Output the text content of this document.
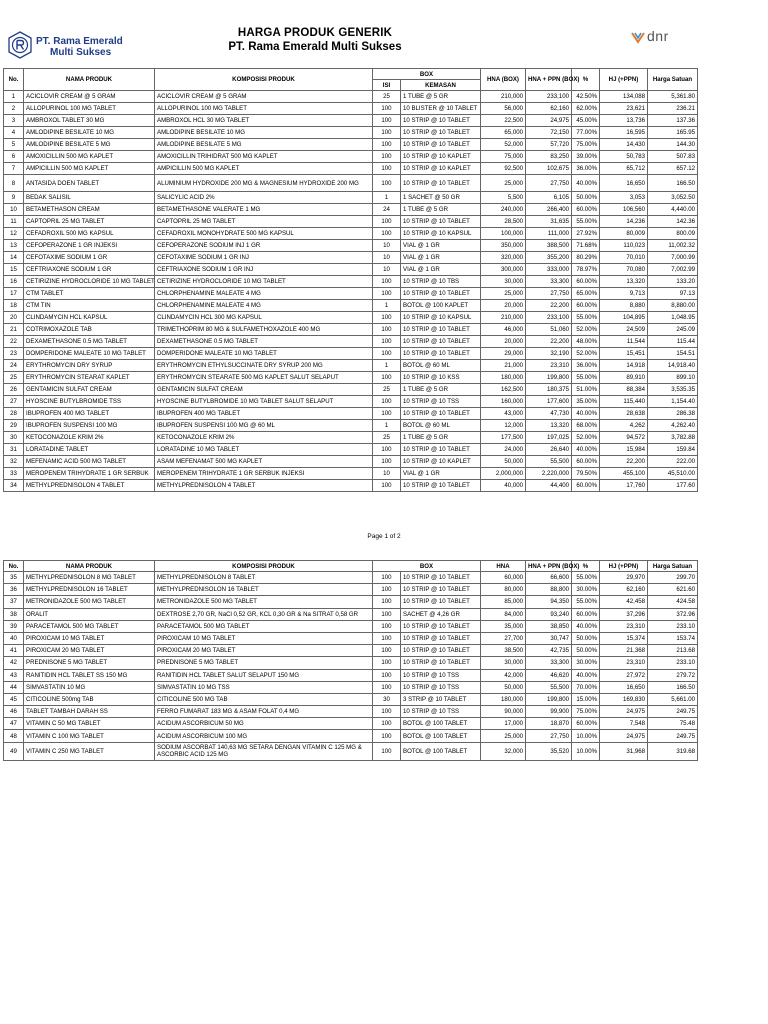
PT. Rama Emerald
Multi Sukses
HARGA PRODUK GENERIK
PT. Rama Emerald Multi Sukses
dnr
No.	NAMA PRODUK	KOMPOSISI PRODUK	BOX		HNA (BOX)	HNA + PPN (BOX)	%	HJ (+PPN)	Harga Satuan
			ISI	KEMASAN					
1	ACICLOVIR CREAM @ 5 GRAM	ACICLOVIR CREAM @ 5 GRAM	25	1 TUBE @ 5 GR	210,000	233,100	42.50%	134,088	5,361.80
2	ALLOPURINOL 100 MG TABLET	ALLOPURINOL 100 MG TABLET	100	10 BLISTER @ 10 TABLET	56,000	62,160	62.00%	23,621	236.21
3	AMBROXOL TABLET 30 MG	AMBROXOL HCL 30 MG TABLET	100	10 STRIP @ 10 TABLET	22,500	24,975	45.00%	13,736	137.36
4	AMLODIPINE BESILATE 10 MG	AMLODIPINE BESILATE 10 MG	100	10 STRIP @ 10 TABLET	65,000	72,150	77.00%	16,595	165.95
5	AMLODIPINE BESILATE 5 MG	AMLODIPINE BESILATE 5 MG	100	10 STRIP @ 10 TABLET	52,000	57,720	75.00%	14,430	144.30
6	AMOXICILLIN 500 MG KAPLET	AMOXICILLIN TRIHIDRAT 500 MG KAPLET	100	10 STRIP @ 10 KAPLET	75,000	83,250	39.00%	50,783	507.83
7	AMPICILLIN 500 MG KAPLET	AMPICILLIN 500 MG KAPLET	100	10 STRIP @ 10 KAPLET	92,500	102,675	36.00%	65,712	657.12
8	ANTASIDA DOEN TABLET	ALUMINIUM HYDROXIDE 200 MG & MAGNESIUM HYDROXIDE 200 MG	100	10 STRIP @ 10 TABLET	25,000	27,750	40.00%	16,650	166.50
9	BEDAK SALISIL	SALICYLIC ACID 2%	1	1 SACHET @ 50 GR	5,500	6,105	50.00%	3,053	3,052.50
10	BETAMETHASON CREAM	BETAMETHASONE VALERATE 1 MG	24	1 TUBE @ 5 GR	240,000	266,400	60.00%	106,560	4,440.00
11	CAPTOPRIL 25 MG TABLET	CAPTOPRIL 25 MG TABLET	100	10 STRIP @ 10 TABLET	28,500	31,635	55.00%	14,236	142.36
12	CEFADROXIL 500 MG KAPSUL	CEFADROXIL MONOHYDRATE 500 MG KAPSUL	100	10 STRIP @ 10 KAPSUL	100,000	111,000	27.92%	80,009	800.09
13	CEFOPERAZONE 1 GR INJEKSI	CEFOPERAZONE SODIUM INJ 1 GR	10	VIAL @ 1 GR	350,000	388,500	71.68%	110,023	11,002.32
14	CEFOTAXIME SODIUM 1 GR	CEFOTAXIME SODIUM 1 GR INJ	10	VIAL @ 1 GR	320,000	355,200	80.29%	70,010	7,000.99
15	CEFTRIAXONE SODIUM 1 GR	CEFTRIAXONE SODIUM 1 GR INJ	10	VIAL @ 1 GR	300,000	333,000	78.97%	70,080	7,002.99
16	CETIRIZINE HYDROCLORIDE 10 MG TABLET	CETIRIZINE HYDROCLORIDE 10 MG TABLET	100	10 STRIP @ 10 TBS	30,000	33,300	60.00%	13,320	133.20
17	CTM TABLET	CHLORPHENAMINE MALEATE 4 MG	100	10 STRIP @ 10 TABLET	25,000	27,750	65.00%	9,713	97.13
18	CTM TIN	CHLORPHENAMINE MALEATE 4 MG	1	BOTOL @ 100 KAPLET	20,000	22,200	60.00%	8,880	8,880.00
20	CLINDAMYCIN HCL KAPSUL	CLINDAMYCIN HCL 300 MG KAPSUL	100	10 STRIP @ 10 KAPSUL	210,000	233,100	55.00%	104,895	1,048.95
21	COTRIMOXAZOLE TAB	TRIMETHOPRIM 80 MG & SULFAMETHOXAZOLE 400 MG	100	10 STRIP @ 10 TABLET	46,000	51,060	52.00%	24,509	245.09
22	DEXAMETHASONE 0.5 MG TABLET	DEXAMETHASONE 0.5 MG TABLET	100	10 STRIP @ 10 TABLET	20,000	22,200	48.00%	11,544	115.44
23	DOMPERIDONE MALEATE 10 MG TABLET	DOMPERIDONE MALEATE 10 MG TABLET	100	10 STRIP @ 10 TABLET	29,000	32,190	52.00%	15,451	154.51
24	ERYTHROMYCIN DRY SYRUP	ERYTHROMYCIN ETHYLSUCCINATE DRY SYRUP 200 MG	1	BOTOL @ 60 ML	21,000	23,310	36.00%	14,918	14,918.40
25	ERYTHROMYCIN STEARAT KAPLET	ERYTHROMYCIN STEARATE 500 MG KAPLET SALUT SELAPUT	100	10 STRIP @ 10 KSS	180,000	199,800	55.00%	89,910	899.10
26	GENTAMICIN SULFAT CREAM	GENTAMICIN SULFAT CREAM	25	1 TUBE @ 5 GR	162,500	180,375	51.00%	88,384	3,535.35
27	HYOSCINE BUTYLBROMIDE TSS	HYOSCINE BUTYLBROMIDE 10 MG TABLET SALUT SELAPUT	100	10 STRIP @ 10 TSS	160,000	177,600	35.00%	115,440	1,154.40
28	IBUPROFEN 400 MG TABLET	IBUPROFEN 400 MG TABLET	100	10 STRIP @ 10 TABLET	43,000	47,730	40.00%	28,638	286.38
29	IBUPROFEN SUSPENSI 100 MG	IBUPROFEN SUSPENSI 100 MG @ 60 ML	1	BOTOL @ 60 ML	12,000	13,320	68.00%	4,262	4,262.40
30	KETOCONAZOLE KRIM 2%	KETOCONAZOLE KRIM 2%	25	1 TUBE @ 5 GR	177,500	197,025	52.00%	94,572	3,782.88
31	LORATADINE TABLET	LORATADINE 10 MG TABLET	100	10 STRIP @ 10 TABLET	24,000	26,640	40.00%	15,984	159.84
32	MEFENAMIC ACID 500 MG TABLET	ASAM MEFENAMAT 500 MG KAPLET	100	10 STRIP @ 10 KAPLET	50,000	55,500	60.00%	22,200	222.00
33	MEROPENEM TRIHYDRATE 1 GR SERBUK	MEROPENEM TRIHYDRATE 1 GR SERBUK INJEKSI	10	VIAL @ 1 GR	2,000,000	2,220,000	79.50%	455,100	45,510.00
34	METHYLPREDNISOLON 4 TABLET	METHYLPREDNISOLON 4 TABLET	100	10 STRIP @ 10 TABLET	40,000	44,400	60.00%	17,760	177.60
Page 1 of 2
No.	NAMA PRODUK	KOMPOSISI PRODUK	BOX		HNA	HNA + PPN (BOX)	%	HJ (+PPN)	Harga Satuan
35	METHYLPREDNISOLON 8 MG TABLET	METHYLPREDNISOLON 8 TABLET	100	10 STRIP @ 10 TABLET	60,000	66,600	55.00%	29,970	299.70
36	METHYLPREDNISOLON 16 TABLET	METHYLPREDNISOLON 16 TABLET	100	10 STRIP @ 10 TABLET	80,000	88,800	30.00%	62,160	621.60
37	METRONIDAZOLE 500 MG TABLET	METRONIDAZOLE 500 MG TABLET	100	10 STRIP @ 10 TABLET	85,000	94,350	55.00%	42,458	424.58
38	ORALIT	DEXTROSE 2,70 GR, NaCl 0,52 GR, KCL 0,30 GR & Na SITRAT 0,58 GR	100	SACHET @ 4,26 GR	84,000	93,240	60.00%	37,296	372.96
39	PARACETAMOL 500 MG TABLET	PARACETAMOL 500 MG TABLET	100	10 STRIP @ 10 TABLET	35,000	38,850	40.00%	23,310	233.10
40	PIROXICAM 10 MG TABLET	PIROXICAM 10 MG TABLET	100	10 STRIP @ 10 TABLET	27,700	30,747	50.00%	15,374	153.74
41	PIROXICAM 20 MG TABLET	PIROXICAM 20 MG TABLET	100	10 STRIP @ 10 TABLET	38,500	42,735	50.00%	21,368	213.68
42	PREDNISONE 5 MG TABLET	PREDNISONE 5 MG TABLET	100	10 STRIP @ 10 TABLET	30,000	33,300	30.00%	23,310	233.10
43	RANITIDIN HCL TABLET SS 150 MG	RANITIDIN HCL TABLET SALUT SELAPUT 150 MG	100	10 STRIP @ 10 TSS	42,000	46,620	40.00%	27,972	279.72
44	SIMVASTATIN 10 MG	SIMVASTATIN 10 MG TSS	100	10 STRIP @ 10 TSS	50,000	55,500	70.00%	16,650	166.50
45	CITICOLINE 500mg TAB	CITICOLINE 500 MG TAB	30	3 STRIP @ 10 TABLET	180,000	199,800	15.00%	169,830	5,661.00
46	TABLET TAMBAH DARAH SS	FERRO FUMARAT 183 MG & ASAM FOLAT 0,4 MG	100	10 STRIP @ 10 TSS	90,000	99,900	75.00%	24,975	249.75
47	VITAMIN C 50 MG TABLET	ACIDUM ASCORBICUM 50 MG	100	BOTOL @ 100 TABLET	17,000	18,870	60.00%	7,548	75.48
48	VITAMIN C 100 MG TABLET	ACIDUM ASCORBICUM 100 MG	100	BOTOL @ 100 TABLET	25,000	27,750	10.00%	24,975	249.75
49	VITAMIN C 250 MG TABLET	SODIUM ASCORBAT 140,63 MG SETARA DENGAN VITAMIN C 125 MG & ASCORBIC ACID 125 MG	100	BOTOL @ 100 TABLET	32,000	35,520	10.00%	31,968	319.68
